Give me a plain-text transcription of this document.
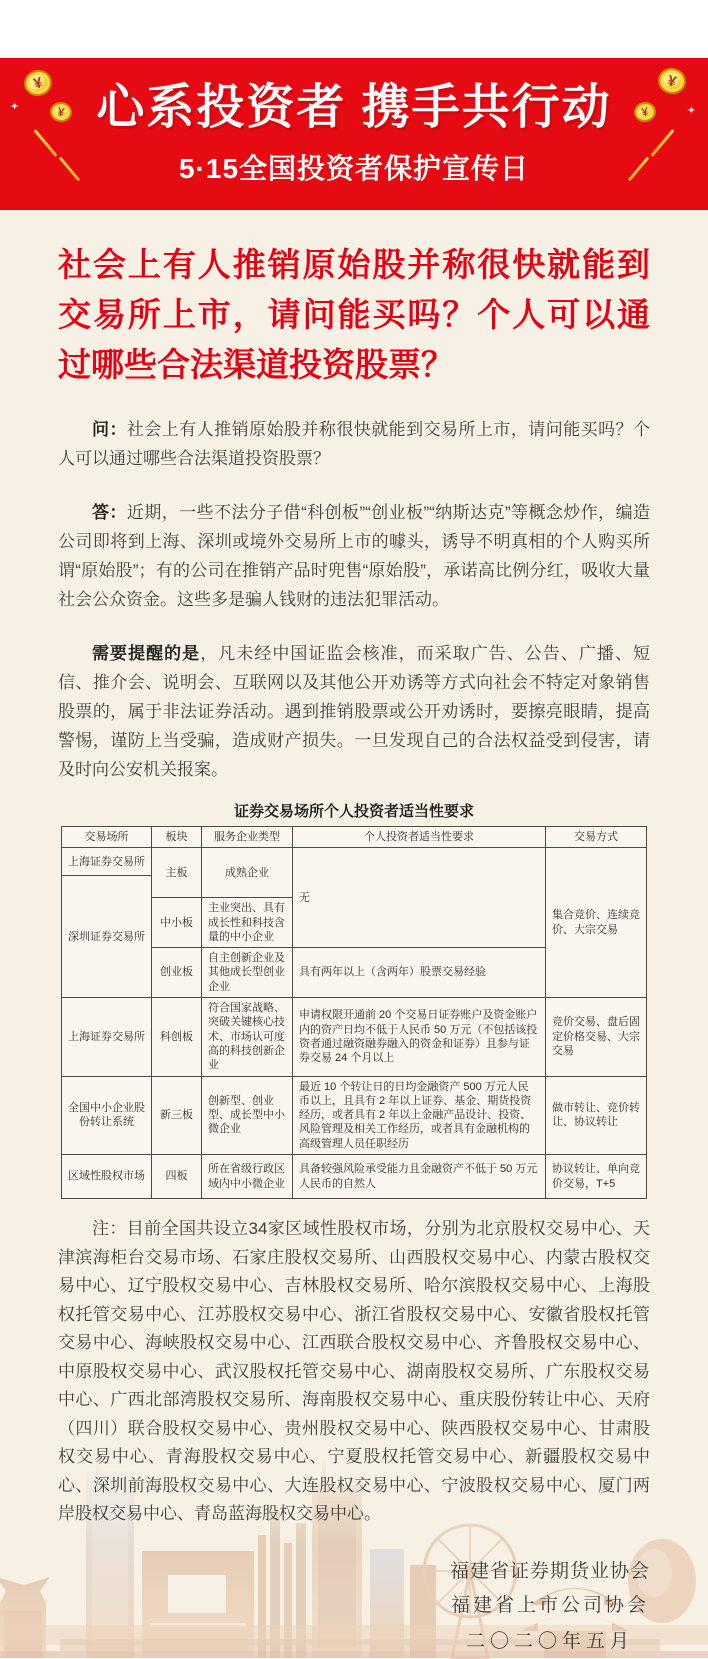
¥
¥
¥
¥
✦	✦
心系投资者 携手共行动
5·15全国投资者保护宣传日
社会上有人推销原始股并称很快就能到交易所上市，请问能买吗？个人可以通过哪些合法渠道投资股票？

问：社会上有人推销原始股并称很快就能到交易所上市，请问能买吗？个人可以通过哪些合法渠道投资股票？

答：近期，一些不法分子借“科创板”“创业板”“纳斯达克”等概念炒作，编造公司即将到上海、深圳或境外交易所上市的噱头，诱导不明真相的个人购买所谓“原始股”；有的公司在推销产品时兜售“原始股”，承诺高比例分红，吸收大量社会公众资金。这些多是骗人钱财的违法犯罪活动。

需要提醒的是，凡未经中国证监会核准，而采取广告、公告、广播、短信、推介会、说明会、互联网以及其他公开劝诱等方式向社会不特定对象销售股票的，属于非法证券活动。遇到推销股票或公开劝诱时，要擦亮眼睛，提高警惕，谨防上当受骗，造成财产损失。一旦发现自己的合法权益受到侵害，请及时向公安机关报案。

证券交易场所个人投资者适当性要求
交易场所	板块	服务企业类型	个人投资者适当性要求	交易方式
上海证券交易所	主板	成熟企业	无	集合竞价、连续竞价、大宗交易
深圳证券交易所				
	中小板	主业突出、具有成长性和科技含量的中小企业		
	创业板	自主创新企业及其他成长型创业企业	具有两年以上（含两年）股票交易经验	
上海证券交易所	科创板	符合国家战略、突破关键核心技术、市场认可度高的科技创新企业	申请权限开通前 20 个交易日证券账户及资金账户内的资产日均不低于人民币 50 万元（不包括该投资者通过融资融券融入的资金和证券）且参与证券交易 24 个月以上	竞价交易、盘后固定价格交易、大宗交易
全国中小企业股份转让系统	新三板	创新型、创业型、成长型中小微企业	最近 10 个转让日的日均金融资产 500 万元人民币以上，且具有 2 年以上证券、基金、期货投资经历，或者具有 2 年以上金融产品设计、投资、风险管理及相关工作经历，或者具有金融机构的高级管理人员任职经历	做市转让、竞价转让、协议转让
区域性股权市场	四板	所在省级行政区域内中小微企业	具备较强风险承受能力且金融资产不低于 50 万元人民币的自然人	协议转让、单向竞价交易，T+5

注：目前全国共设立34家区域性股权市场，分别为北京股权交易中心、天津滨海柜台交易市场、石家庄股权交易所、山西股权交易中心、内蒙古股权交易中心、辽宁股权交易中心、吉林股权交易所、哈尔滨股权交易中心、上海股权托管交易中心、江苏股权交易中心、浙江省股权交易中心、安徽省股权托管交易中心、海峡股权交易中心、江西联合股权交易中心、齐鲁股权交易中心、中原股权交易中心、武汉股权托管交易中心、湖南股权交易所、广东股权交易中心、广西北部湾股权交易所、海南股权交易中心、重庆股份转让中心、天府（四川）联合股权交易中心、贵州股权交易中心、陕西股权交易中心、甘肃股权交易中心、青海股权交易中心、宁夏股权托管交易中心、新疆股权交易中心、深圳前海股权交易中心、大连股权交易中心、宁波股权交易中心、厦门两岸股权交易中心、青岛蓝海股权交易中心。

福建省证券期货业协会
福建省上市公司协会
二〇二〇年五月
